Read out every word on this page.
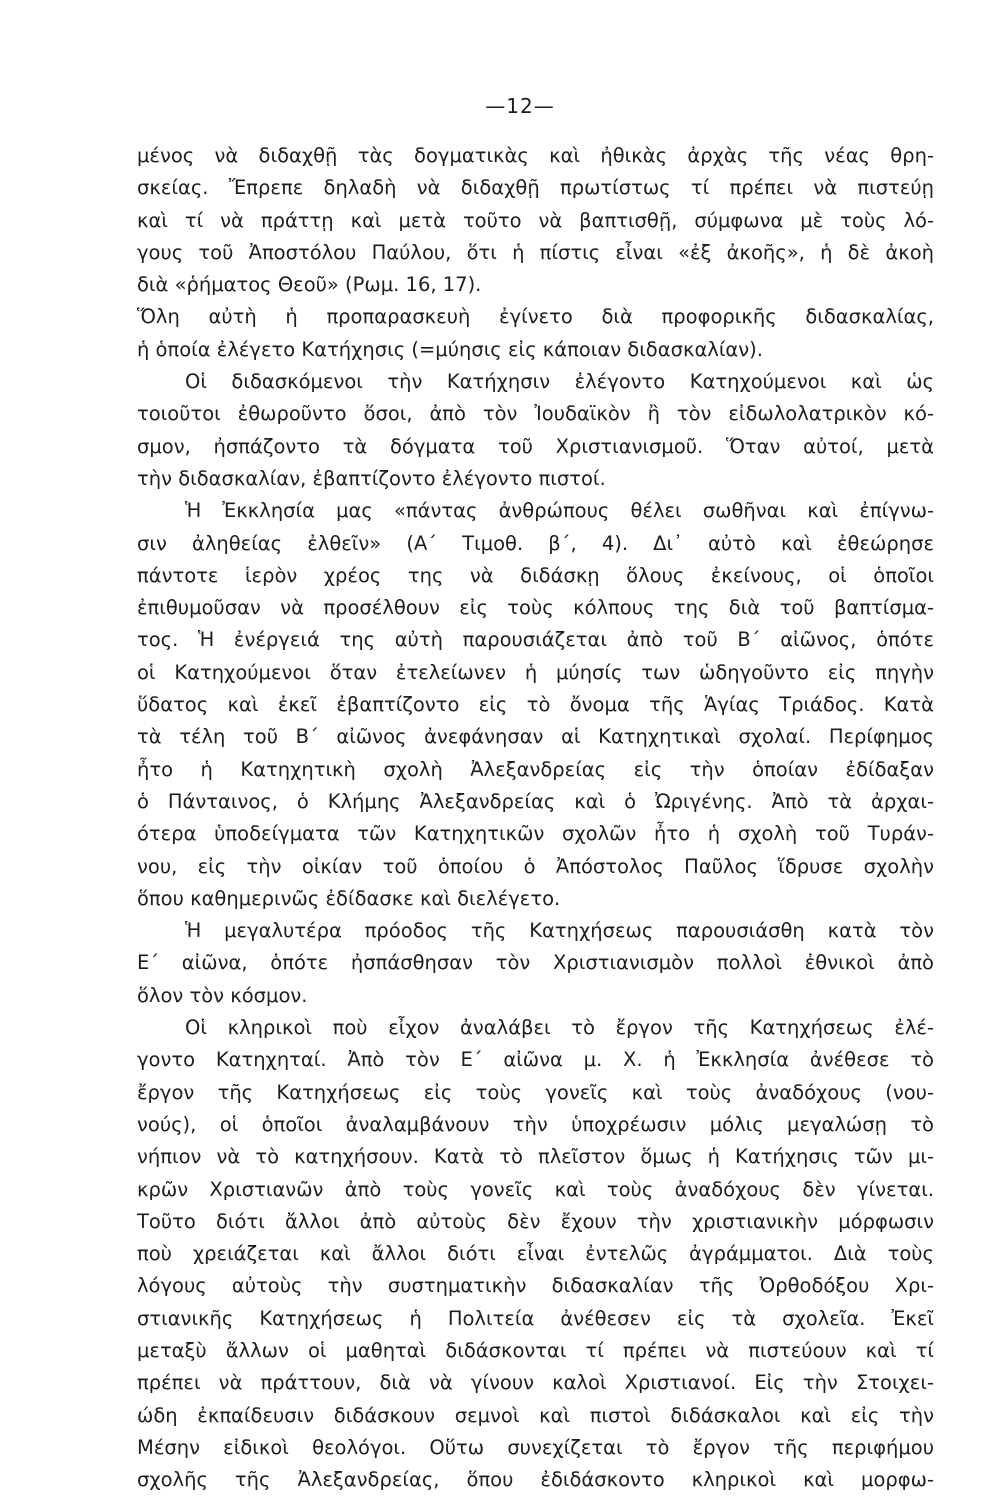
—12—
μένος νὰ διδαχθῇ τὰς δογματικὰς καὶ ἠθικὰς ἀρχὰς τῆς νέας θρη-
σκείας. Ἔπρεπε δηλαδὴ νὰ διδαχθῇ πρωτίστως τί πρέπει νὰ πιστεύῃ
καὶ τί νὰ πράττῃ καὶ μετὰ τοῦτο νὰ βαπτισθῇ, σύμφωνα μὲ τοὺς λό-
γους τοῦ Ἀποστόλου Παύλου, ὅτι ἡ πίστις εἶναι «ἐξ ἀκοῆς», ἡ δὲ ἀκοὴ
διὰ «ῥήματος Θεοῦ» (Ρωμ. 16, 17).
Ὅλη αὐτὴ ἡ προπαρασκευὴ ἐγίνετο διὰ προφορικῆς διδασκαλίας,
ἡ ὁποία ἐλέγετο Κατήχησις (=μύησις εἰς κάποιαν διδασκαλίαν).
Οἱ διδασκόμενοι τὴν Κατήχησιν ἐλέγοντο Κατηχούμενοι καὶ ὡς
τοιοῦτοι ἐθωροῦντο ὅσοι, ἀπὸ τὸν Ἰουδαϊκὸν ἢ τὸν εἰδωλολατρικὸν κό-
σμον, ἠσπάζοντο τὰ δόγματα τοῦ Χριστιανισμοῦ. Ὅταν αὐτοί, μετὰ
τὴν διδασκαλίαν, ἐβαπτίζοντο ἐλέγοντο πιστοί.
Ἡ Ἐκκλησία μας «πάντας ἀνθρώπους θέλει σωθῆναι καὶ ἐπίγνω-
σιν ἀληθείας ἐλθεῖν» (Α΄ Τιμοθ. β΄, 4). Δι᾽ αὐτὸ καὶ ἐθεώρησε
πάντοτε ἱερὸν χρέος της νὰ διδάσκῃ ὅλους ἐκείνους, οἱ ὁποῖοι
ἐπιθυμοῦσαν νὰ προσέλθουν εἰς τοὺς κόλπους της διὰ τοῦ βαπτίσμα-
τος. Ἡ ἐνέργειά της αὐτὴ παρουσιάζεται ἀπὸ τοῦ Β΄ αἰῶνος, ὁπότε
οἱ Κατηχούμενοι ὅταν ἐτελείωνεν ἡ μύησίς των ὡδηγοῦντο εἰς πηγὴν
ὕδατος καὶ ἐκεῖ ἐβαπτίζοντο εἰς τὸ ὄνομα τῆς Ἁγίας Τριάδος. Κατὰ
τὰ τέλη τοῦ Β΄ αἰῶνος ἀνεφάνησαν αἱ Κατηχητικαὶ σχολαί. Περίφημος
ἦτο ἡ Κατηχητικὴ σχολὴ Ἀλεξανδρείας εἰς τὴν ὁποίαν ἐδίδαξαν
ὁ Πάνταινος, ὁ Κλήμης Ἀλεξανδρείας καὶ ὁ Ὠριγένης. Ἀπὸ τὰ ἀρχαι-
ότερα ὑποδείγματα τῶν Κατηχητικῶν σχολῶν ἦτο ἡ σχολὴ τοῦ Τυράν-
νου, εἰς τὴν οἰκίαν τοῦ ὁποίου ὁ Ἀπόστολος Παῦλος ἵδρυσε σχολὴν
ὅπου καθημερινῶς ἐδίδασκε καὶ διελέγετο.
Ἡ μεγαλυτέρα πρόοδος τῆς Κατηχήσεως παρουσιάσθη κατὰ τὸν
Ε΄ αἰῶνα, ὁπότε ἠσπάσθησαν τὸν Χριστιανισμὸν πολλοὶ ἐθνικοὶ ἀπὸ
ὅλον τὸν κόσμον.
Οἱ κληρικοὶ ποὺ εἶχον ἀναλάβει τὸ ἔργον τῆς Κατηχήσεως ἐλέ-
γοντο Κατηχηταί. Ἀπὸ τὸν Ε΄ αἰῶνα μ. Χ. ἡ Ἐκκλησία ἀνέθεσε τὸ
ἔργον τῆς Κατηχήσεως εἰς τοὺς γονεῖς καὶ τοὺς ἀναδόχους (νου-
νούς), οἱ ὁποῖοι ἀναλαμβάνουν τὴν ὑποχρέωσιν μόλις μεγαλώσῃ τὸ
νήπιον νὰ τὸ κατηχήσουν. Κατὰ τὸ πλεῖστον ὅμως ἡ Κατήχησις τῶν μι-
κρῶν Χριστιανῶν ἀπὸ τοὺς γονεῖς καὶ τοὺς ἀναδόχους δὲν γίνεται.
Τοῦτο διότι ἄλλοι ἀπὸ αὐτοὺς δὲν ἔχουν τὴν χριστιανικὴν μόρφωσιν
ποὺ χρειάζεται καὶ ἄλλοι διότι εἶναι ἐντελῶς ἀγράμματοι. Διὰ τοὺς
λόγους αὐτοὺς τὴν συστηματικὴν διδασκαλίαν τῆς Ὀρθοδόξου Χρι-
στιανικῆς Κατηχήσεως ἡ Πολιτεία ἀνέθεσεν εἰς τὰ σχολεῖα. Ἐκεῖ
μεταξὺ ἄλλων οἱ μαθηταὶ διδάσκονται τί πρέπει νὰ πιστεύουν καὶ τί
πρέπει νὰ πράττουν, διὰ νὰ γίνουν καλοὶ Χριστιανοί. Εἰς τὴν Στοιχει-
ώδη ἐκπαίδευσιν διδάσκουν σεμνοὶ καὶ πιστοὶ διδάσκαλοι καὶ εἰς τὴν
Μέσην εἰδικοὶ θεολόγοι. Οὕτω συνεχίζεται τὸ ἔργον τῆς περιφήμου
σχολῆς τῆς Ἀλεξανδρείας, ὅπου ἐδιδάσκοντο κληρικοὶ καὶ μορφω-
